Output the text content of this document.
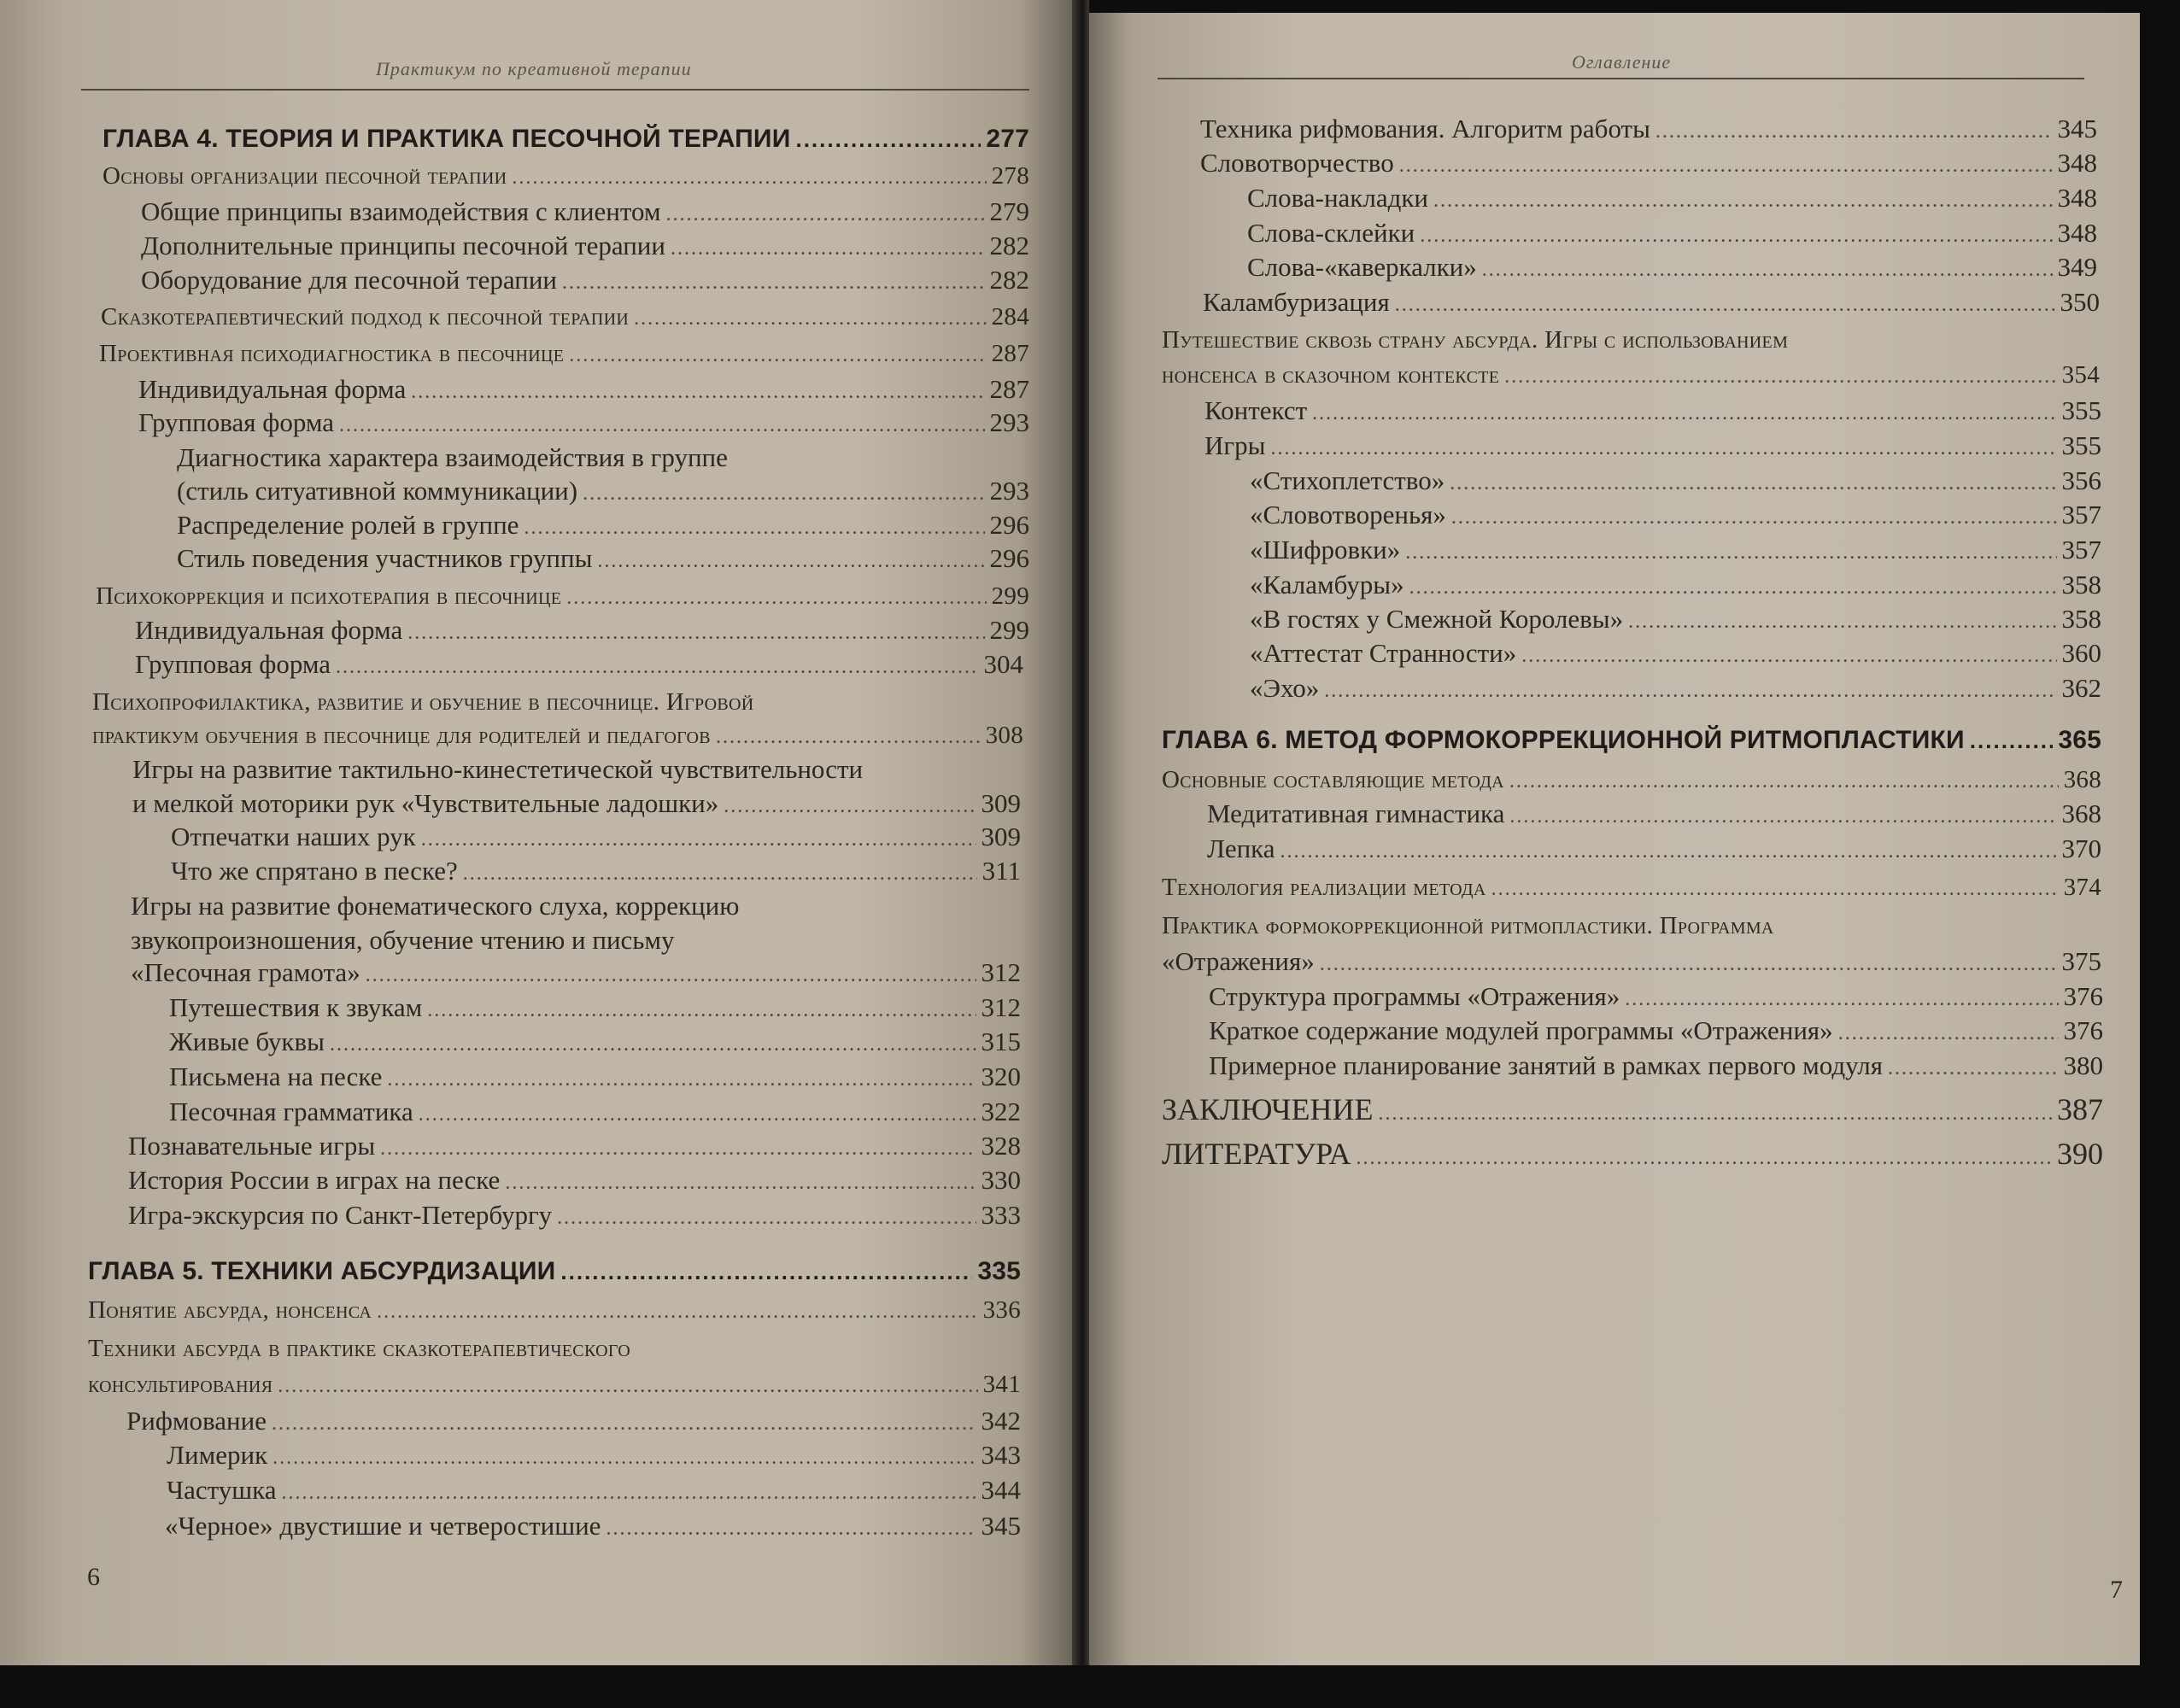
Практикум по креативной терапии
ГЛАВА 4. ТЕОРИЯ И ПРАКТИКА ПЕСОЧНОЙ ТЕРАПИИ .....	277
Основы организации песочной терапии .....	278
Общие принципы взаимодействия с клиентом .....	279
Дополнительные принципы песочной терапии .....	282
Оборудование для песочной терапии .....	282
Сказкотерапевтический подход к песочной терапии .....	284
Проективная психодиагностика в песочнице .....	287
Индивидуальная форма .....	287
Групповая форма .....	293
Диагностика характера взаимодействия в группе
(стиль ситуативной коммуникации) .....	293
Распределение ролей в группе .....	296
Стиль поведения участников группы .....	296
Психокоррекция и психотерапия в песочнице .....	299
Индивидуальная форма .....	299
Групповая форма .....	304
Психопрофилактика, развитие и обучение в песочнице. Игровой
практикум обучения в песочнице для родителей и педагогов .....	308
Игры на развитие тактильно-кинестетической чувствительности
и мелкой моторики рук «Чувствительные ладошки» .....	309
Отпечатки наших рук .....	309
Что же спрятано в песке? .....	311
Игры на развитие фонематического слуха, коррекцию
звукопроизношения, обучение чтению и письму
«Песочная грамота» .....	312
Путешествия к звукам .....	312
Живые буквы .....	315
Письмена на песке .....	320
Песочная грамматика .....	322
Познавательные игры .....	328
История России в играх на песке .....	330
Игра-экскурсия по Санкт-Петербургу .....	333
ГЛАВА 5. ТЕХНИКИ АБСУРДИЗАЦИИ .....	335
Понятие абсурда, нонсенса .....	336
Техники абсурда в практике сказкотерапевтического
консультирования .....	341
Рифмование .....	342
Лимерик .....	343
Частушка .....	344
«Черное» двустишие и четверостишие .....	345
6
Оглавление
Техника рифмования. Алгоритм работы .....	345
Словотворчество .....	348
Слова-накладки .....	348
Слова-склейки .....	348
Слова-«каверкалки» .....	349
Каламбуризация .....	350
Путешествие сквозь страну абсурда. Игры с использованием
нонсенса в сказочном контексте .....	354
Контекст .....	355
Игры .....	355
«Стихоплетство» .....	356
«Словотворенья» .....	357
«Шифровки» .....	357
«Каламбуры» .....	358
«В гостях у Смежной Королевы» .....	358
«Аттестат Странности» .....	360
«Эхо» .....	362
ГЛАВА 6. МЕТОД ФОРМОКОРРЕКЦИОННОЙ РИТМОПЛАСТИКИ .....	365
Основные составляющие метода .....	368
Медитативная гимнастика .....	368
Лепка .....	370
Технология реализации метода .....	374
Практика формокоррекционной ритмопластики. Программа
«Отражения» .....	375
Структура программы «Отражения» .....	376
Краткое содержание модулей программы «Отражения» .....	376
Примерное планирование занятий в рамках первого модуля .....	380
ЗАКЛЮЧЕНИЕ .....	387
ЛИТЕРАТУРА .....	390
7
